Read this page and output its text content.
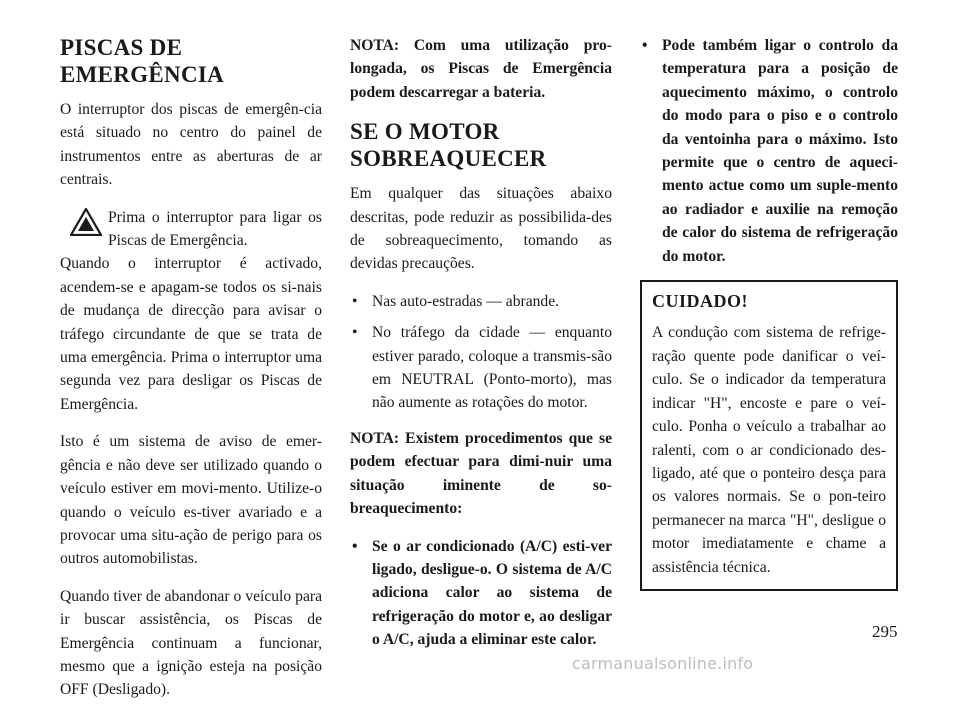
PISCAS DE EMERGÊNCIA

O interruptor dos piscas de emergên-cia está situado no centro do painel de instrumentos entre as aberturas de ar centrais.

Prima o interruptor para ligar os Piscas de Emergência.

Quando o interruptor é activado, acendem-se e apagam-se todos os si-nais de mudança de direcção para avisar o tráfego circundante de que se trata de uma emergência. Prima o interruptor uma segunda vez para desligar os Piscas de Emergência.

Isto é um sistema de aviso de emer-gência e não deve ser utilizado quando o veículo estiver em movi-mento. Utilize-o quando o veículo es-tiver avariado e a provocar uma situ-ação de perigo para os outros automobilistas.

Quando tiver de abandonar o veículo para ir buscar assistência, os Piscas de Emergência continuam a funcionar, mesmo que a ignição esteja na posição OFF (Desligado).

NOTA: Com uma utilização pro-longada, os Piscas de Emergência podem descarregar a bateria.

SE O MOTOR SOBREAQUECER

Em qualquer das situações abaixo descritas, pode reduzir as possibilida-des de sobreaquecimento, tomando as devidas precauções.

• Nas auto-estradas — abrande.
• No tráfego da cidade — enquanto estiver parado, coloque a transmis-são em NEUTRAL (Ponto-morto), mas não aumente as rotações do motor.

NOTA: Existem procedimentos que se podem efectuar para dimi-nuir uma situação iminente de so-breaquecimento:

• Se o ar condicionado (A/C) esti-ver ligado, desligue-o. O sistema de A/C adiciona calor ao sistema de refrigeração do motor e, ao desligar o A/C, ajuda a eliminar este calor.
• Pode também ligar o controlo da temperatura para a posição de aquecimento máximo, o controlo do modo para o piso e o controlo da ventoinha para o máximo. Isto permite que o centro de aqueci-mento actue como um suple-mento ao radiador e auxilie na remoção de calor do sistema de refrigeração do motor.
CUIDADO!

A condução com sistema de refrige-ração quente pode danificar o veí-culo. Se o indicador da temperatura indicar "H", encoste e pare o veí-culo. Ponha o veículo a trabalhar ao ralenti, com o ar condicionado des-ligado, até que o ponteiro desça para os valores normais. Se o pon-teiro permanecer na marca "H", desligue o motor imediatamente e chame a assistência técnica.

295
carmanualsonline.info
